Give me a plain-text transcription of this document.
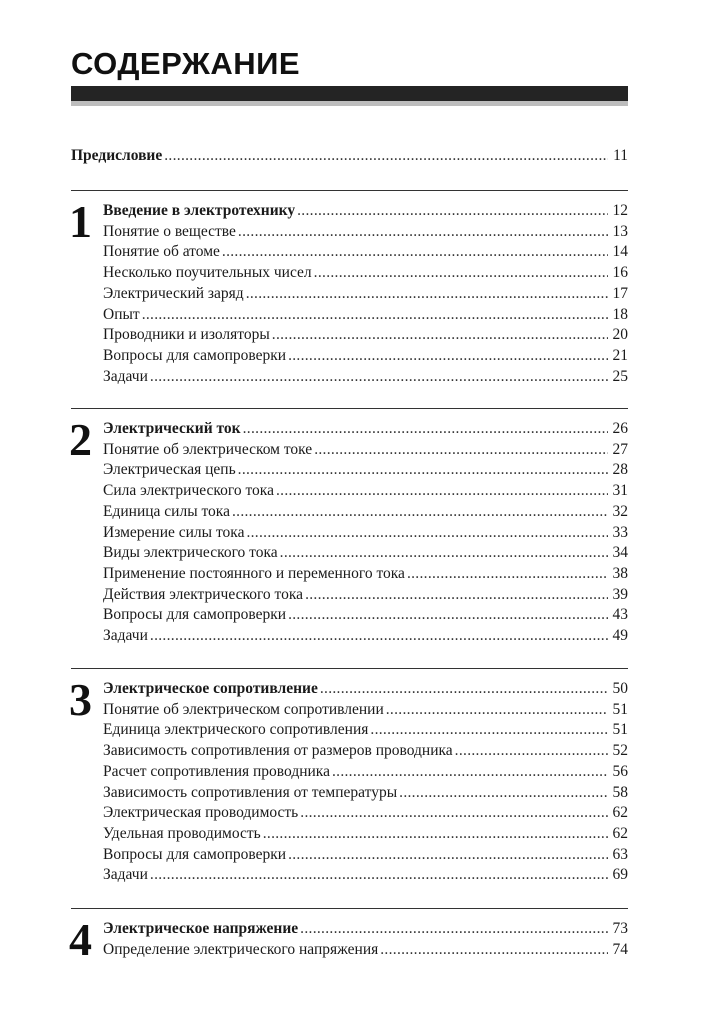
СОДЕРЖАНИЕ
Предисловие .....	11
1 Введение в электротехнику .....	12
Понятие о веществе .....	13
Понятие об атоме .....	14
Несколько поучительных чисел .....	16
Электрический заряд .....	17
Опыт .....	18
Проводники и изоляторы .....	20
Вопросы для самопроверки .....	21
Задачи .....	25
2 Электрический ток .....	26
Понятие об электрическом токе .....	27
Электрическая цепь .....	28
Сила электрического тока .....	31
Единица силы тока .....	32
Измерение силы тока .....	33
Виды электрического тока .....	34
Применение постоянного и переменного тока .....	38
Действия электрического тока .....	39
Вопросы для самопроверки .....	43
Задачи .....	49
3 Электрическое сопротивление .....	50
Понятие об электрическом сопротивлении .....	51
Единица электрического сопротивления .....	51
Зависимость сопротивления от размеров проводника .....	52
Расчет сопротивления проводника .....	56
Зависимость сопротивления от температуры .....	58
Электрическая проводимость .....	62
Удельная проводимость .....	62
Вопросы для самопроверки .....	63
Задачи .....	69
4 Электрическое напряжение .....	73
Определение электрического напряжения .....	74
